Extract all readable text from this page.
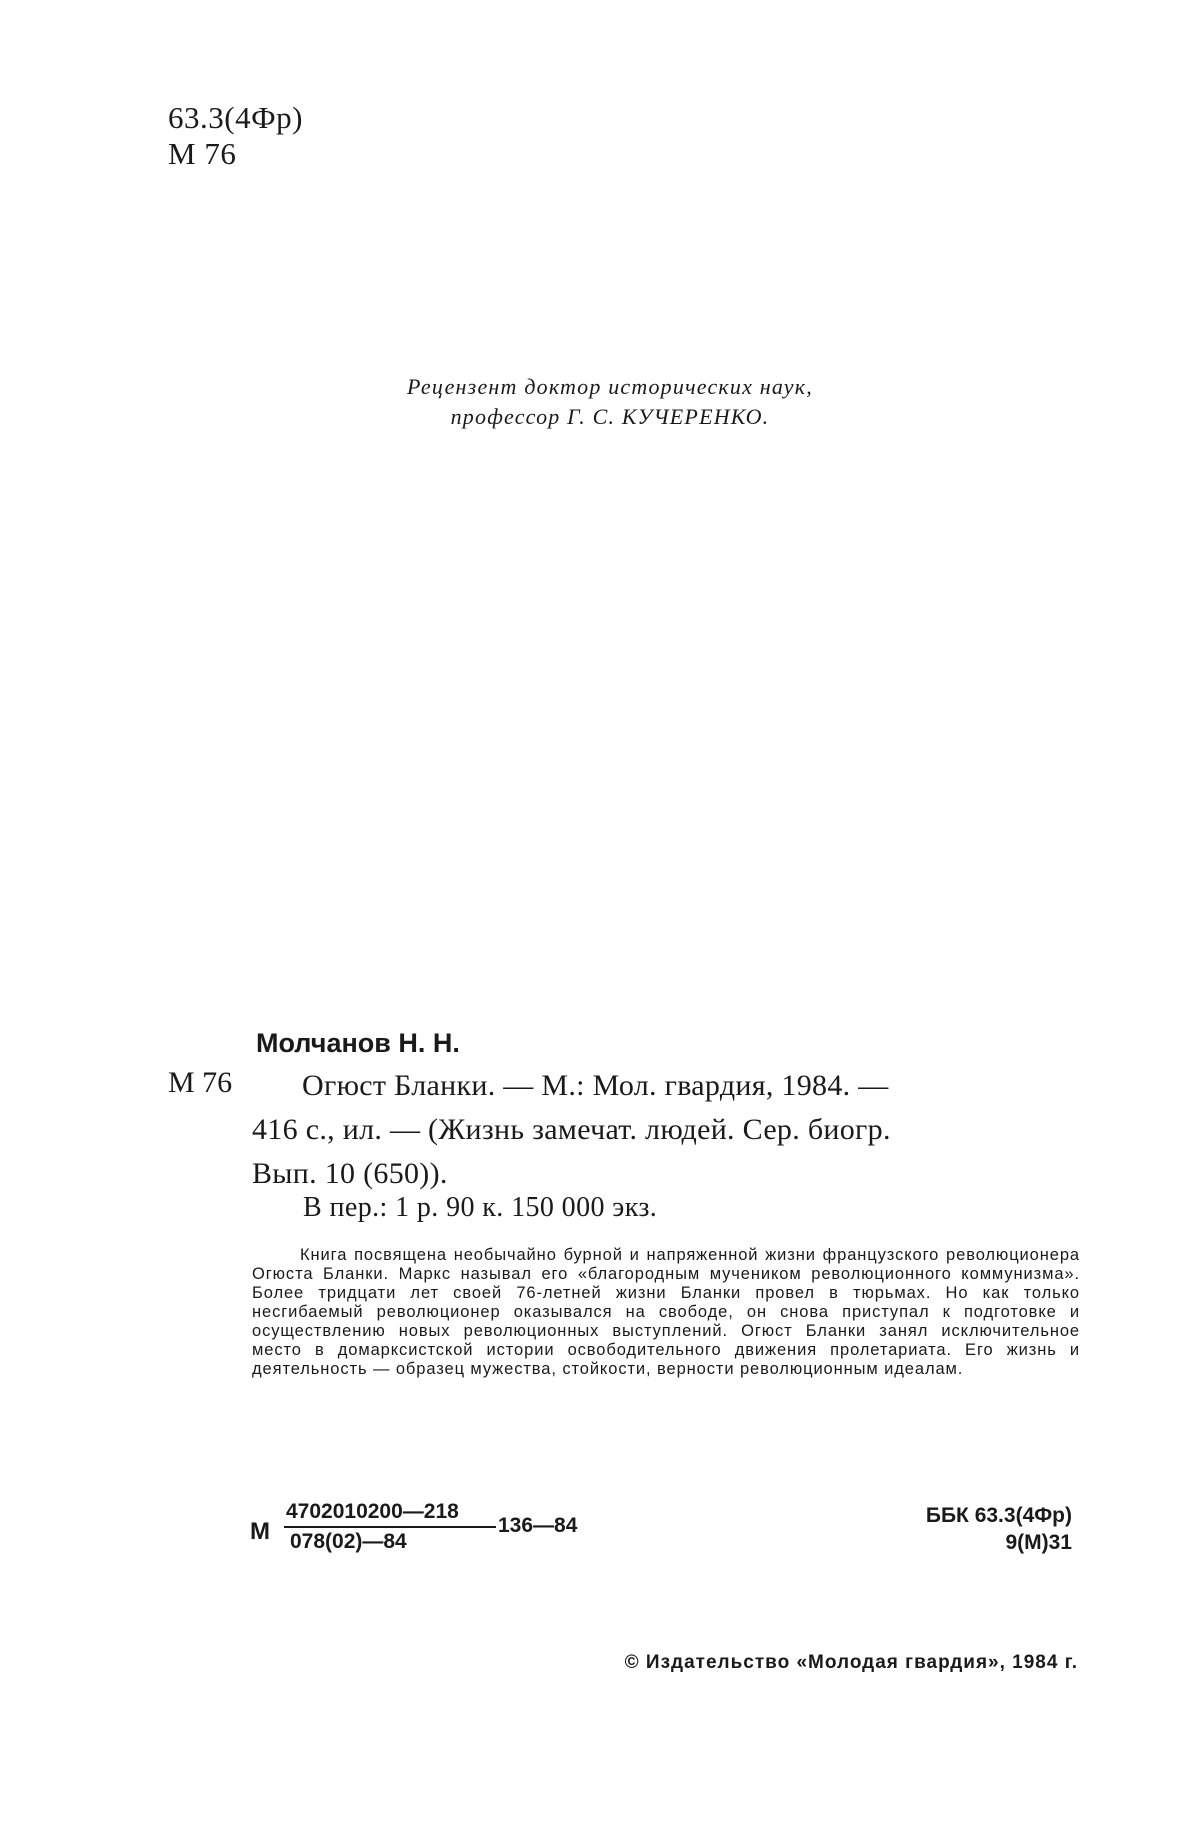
63.3(4Фр)
М 76
Рецензент доктор исторических наук,
профессор Г. С. КУЧЕРЕНКО.
Молчанов Н. Н.
М 76	Огюст Бланки. — М.: Мол. гвардия, 1984. —
416 с., ил. — (Жизнь замечат. людей. Сер. биогр.
Вып. 10 (650)).
В пер.: 1 р. 90 к. 150 000 экз.

Книга посвящена необычайно бурной и напряженной жизни французского революционера Огюста Бланки. Маркс называл его «благородным мучеником революционного коммунизма». Более тридцати лет своей 76-летней жизни Бланки провел в тюрьмах. Но как только несгибаемый революционер оказывался на свободе, он снова приступал к подготовке и осуществлению новых революционных выступлений. Огюст Бланки занял исключительное место в домарксистской истории освободительного движения пролетариата. Его жизнь и деятельность — образец мужества, стойкости, верности революционным идеалам.

М
4702010200—218
078(02)—84
136—84	ББК 63.3(4Фр)
9(М)31
© Издательство «Молодая гвардия», 1984 г.
